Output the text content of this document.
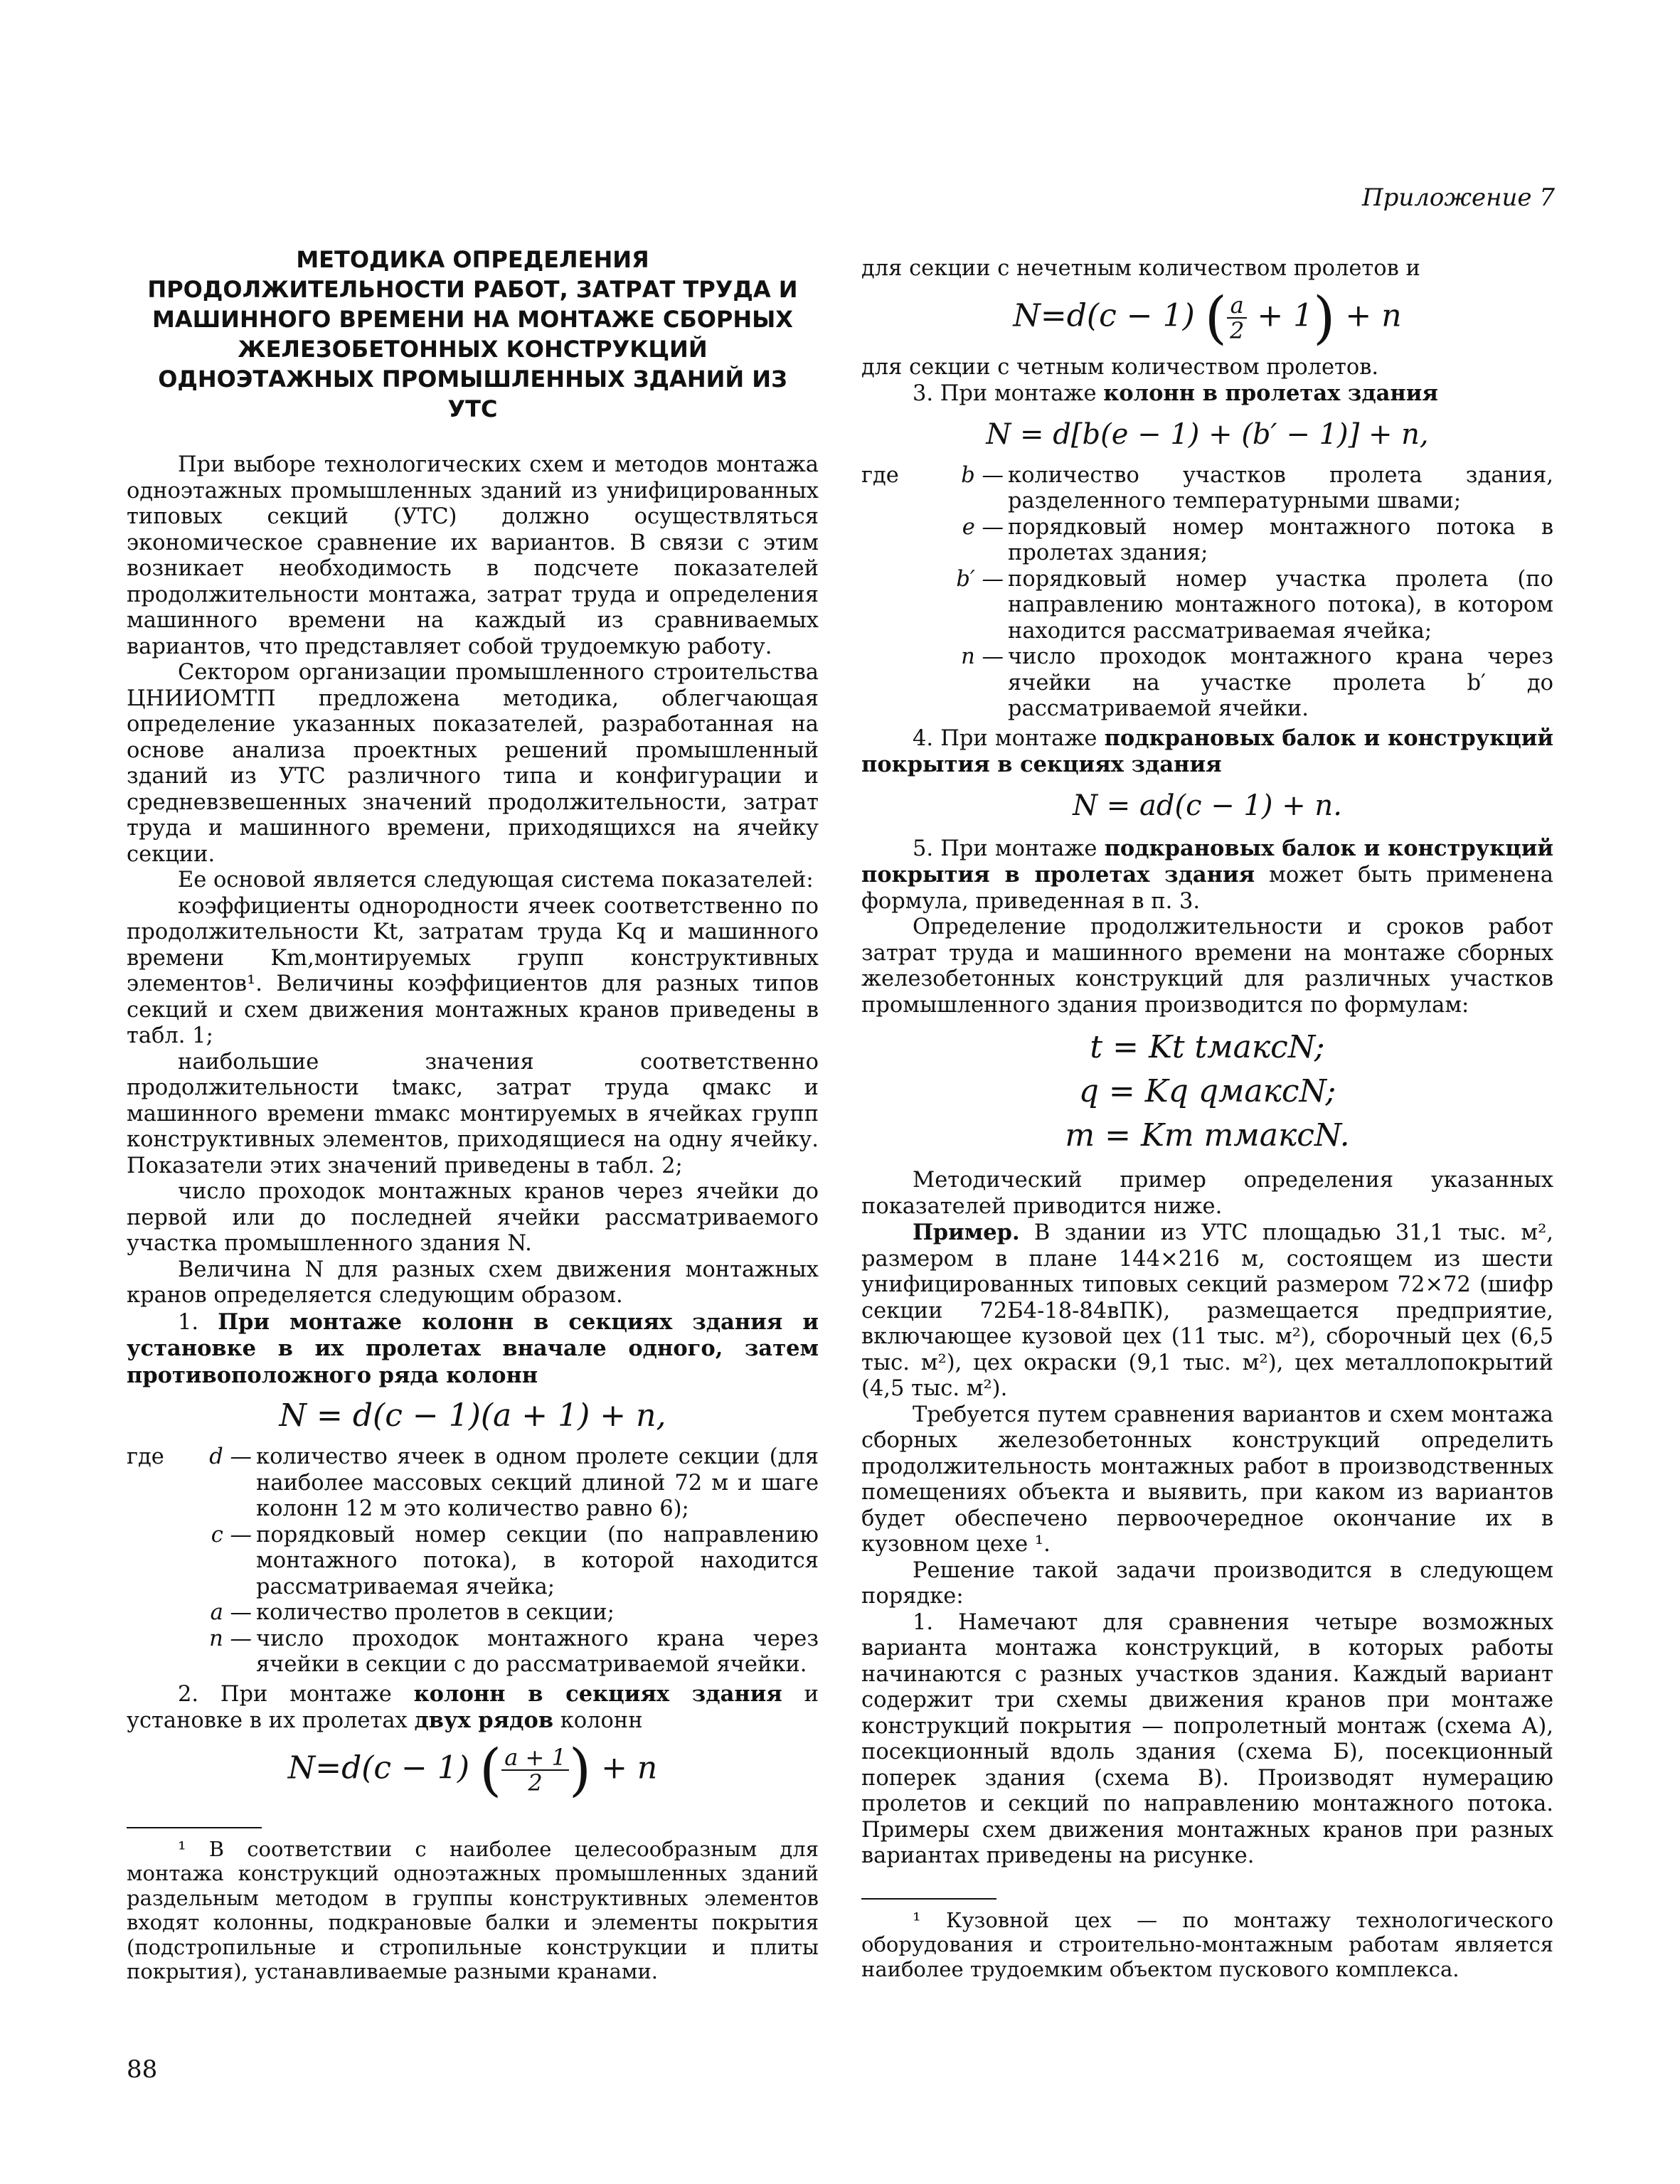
Приложение 7
МЕТОДИКА ОПРЕДЕЛЕНИЯ ПРОДОЛЖИТЕЛЬНОСТИ РАБОТ, ЗАТРАТ ТРУДА И МАШИННОГО ВРЕМЕНИ НА МОНТАЖЕ СБОРНЫХ ЖЕЛЕЗОБЕТОННЫХ КОНСТРУКЦИЙ ОДНОЭТАЖНЫХ ПРОМЫШЛЕННЫХ ЗДАНИЙ ИЗ УТС

При выборе технологических схем и методов монтажа одноэтажных промышленных зданий из унифицированных типовых секций (УТС) должно осуществляться экономическое сравнение их вариантов. В связи с этим возникает необходимость в подсчете показателей продолжительности монтажа, затрат труда и определения машинного времени на каждый из сравниваемых вариантов, что представляет собой трудоемкую работу.

Сектором организации промышленного строительства ЦНИИОМТП предложена методика, облегчающая определение указанных показателей, разработанная на основе анализа проектных решений промышленный зданий из УТС различного типа и конфигурации и средневзвешенных значений продолжительности, затрат труда и машинного времени, приходящихся на ячейку секции.

Ее основой является следующая система показателей:

коэффициенты однородности ячеек соответственно по продолжительности Kt, затратам труда Kq и машинного времени Km,монтируемых групп конструктивных элементов¹. Величины коэффициентов для разных типов секций и схем движения монтажных кранов приведены в табл. 1;

наибольшие значения соответственно продолжительности tмакс, затрат труда qмакс и машинного времени mмакс монтируемых в ячейках групп конструктивных элементов, приходящиеся на одну ячейку. Показатели этих значений приведены в табл. 2;

число проходок монтажных кранов через ячейки до первой или до последней ячейки рассматриваемого участка промышленного здания N.

Величина N для разных схем движения монтажных кранов определяется следующим образом.

1. При монтаже колонн в секциях здания и установке в их пролетах вначале одного, затем противоположного ряда колонн

N = d(c − 1)(a + 1) + n,
где	d — количество ячеек в одном пролете секции (для наиболее массовых секций длиной 72 м и шаге колонн 12 м это количество равно 6);
c — порядковый номер секции (по направлению монтажного потока), в которой находится рассматриваемая ячейка;
a — количество пролетов в секции;
n — число проходок монтажного крана через ячейки в секции c до рассматриваемой ячейки.

2. При монтаже колонн в секциях здания и установке в их пролетах двух рядов колонн

N=d(c − 1) ( $\frac{a + 1}{2}$ ) + n
¹ В соответствии с наиболее целесообразным для монтажа конструкций одноэтажных промышленных зданий раздельным методом в группы конструктивных элементов входят колонны, подкрановые балки и элементы покрытия (подстропильные и стропильные конструкции и плиты покрытия), устанавливаемые разными кранами.

для секции с нечетным количеством пролетов и

N=d(c − 1) ( $\frac{a}{2} + 1) + n$

для секции с четным количеством пролетов.

3. При монтаже колонн в пролетах здания

N = d[b(e − 1) + (b′ − 1)] + n,
где	b — количество участков пролета здания, разделенного температурными швами;
e — порядковый номер монтажного потока в пролетах здания;
b′ — порядковый номер участка пролета (по направлению монтажного потока), в котором находится рассматриваемая ячейка;
n — число проходок монтажного крана через ячейки на участке пролета b′ до рассматриваемой ячейки.

4. При монтаже подкрановых балок и конструкций покрытия в секциях здания

N = ad(c − 1) + n.

5. При монтаже подкрановых балок и конструкций покрытия в пролетах здания может быть применена формула, приведенная в п. 3.

Определение продолжительности и сроков работ затрат труда и машинного времени на монтаже сборных железобетонных конструкций для различных участков промышленного здания производится по формулам:

t = Kt tмаксN;
q = Kq qмаксN;
m = Km mмаксN.

Методический пример определения указанных показателей приводится ниже.

Пример. В здании из УТС площадью 31,1 тыс. м², размером в плане 144×216 м, состоящем из шести унифицированных типовых секций размером 72×72 (шифр секции 72Б4-18-84вПК), размещается предприятие, включающее кузовой цех (11 тыс. м²), сборочный цех (6,5 тыс. м²), цех окраски (9,1 тыс. м²), цех металлопокрытий (4,5 тыс. м²).

Требуется путем сравнения вариантов и схем монтажа сборных железобетонных конструкций определить продолжительность монтажных работ в производственных помещениях объекта и выявить, при каком из вариантов будет обеспечено первоочередное окончание их в кузовном цехе ¹.

Решение такой задачи производится в следующем порядке:

1. Намечают для сравнения четыре возможных варианта монтажа конструкций, в которых работы начинаются с разных участков здания. Каждый вариант содержит три схемы движения кранов при монтаже конструкций покрытия — попролетный монтаж (схема А), посекционный вдоль здания (схема Б), посекционный поперек здания (схема В). Производят нумерацию пролетов и секций по направлению монтажного потока. Примеры схем движения монтажных кранов при разных вариантах приведены на рисунке.

¹ Кузовной цех — по монтажу технологического оборудования и строительно-монтажным работам является наиболее трудоемким объектом пускового комплекса.
88
